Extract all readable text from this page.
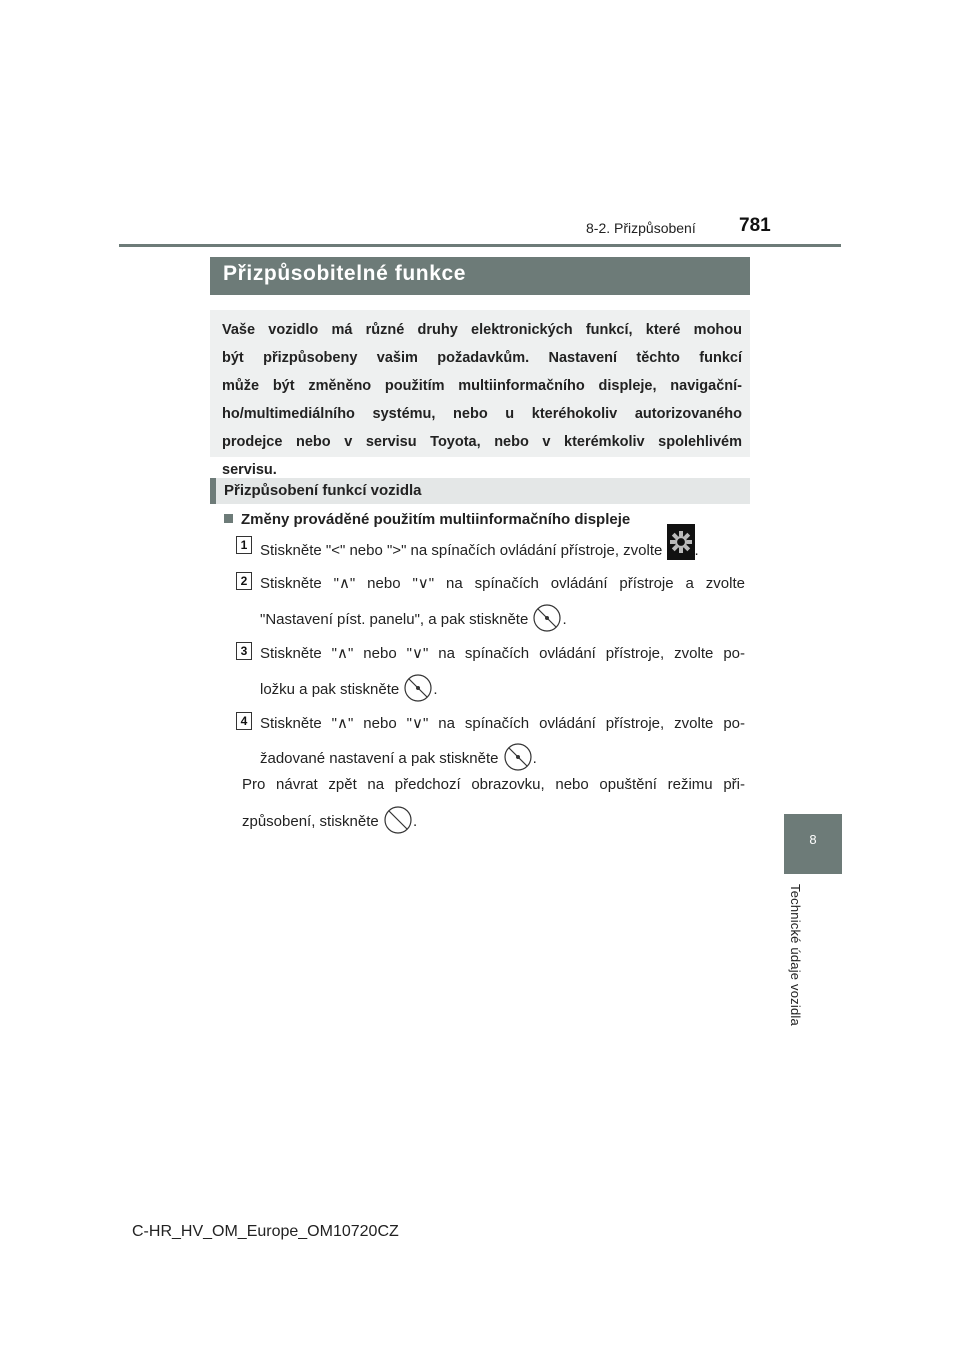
8-2. Přizpůsobení 781
8
Technické údaje vozidla
Přizpůsobitelné funkce
Vaše vozidlo má různé druhy elektronických funkcí, které mohou
být přizpůsobeny vašim požadavkům. Nastavení těchto funkcí
může být změněno použitím multiinformačního displeje, navigační-
ho/multimediálního systému, nebo u kteréhokoliv autorizovaného
prodejce nebo v servisu Toyota, nebo v kterémkoliv spolehlivém
servisu.
Přizpůsobení funkcí vozidla
Změny prováděné použitím multiinformačního displeje
1 Stiskněte "<" nebo ">" na spínačích ovládání přístroje, zvolte .
2 Stiskněte "∧" nebo "∨" na spínačích ovládání přístroje a zvolte
"Nastavení píst. panelu", a pak stiskněte .
3 Stiskněte "∧" nebo "∨" na spínačích ovládání přístroje, zvolte po-
ložku a pak stiskněte .
4 Stiskněte "∧" nebo "∨" na spínačích ovládání přístroje, zvolte po-
žadované nastavení a pak stiskněte .
Pro návrat zpět na předchozí obrazovku, nebo opuštění režimu při-
způsobení, stiskněte .
C-HR_HV_OM_Europe_OM10720CZ
